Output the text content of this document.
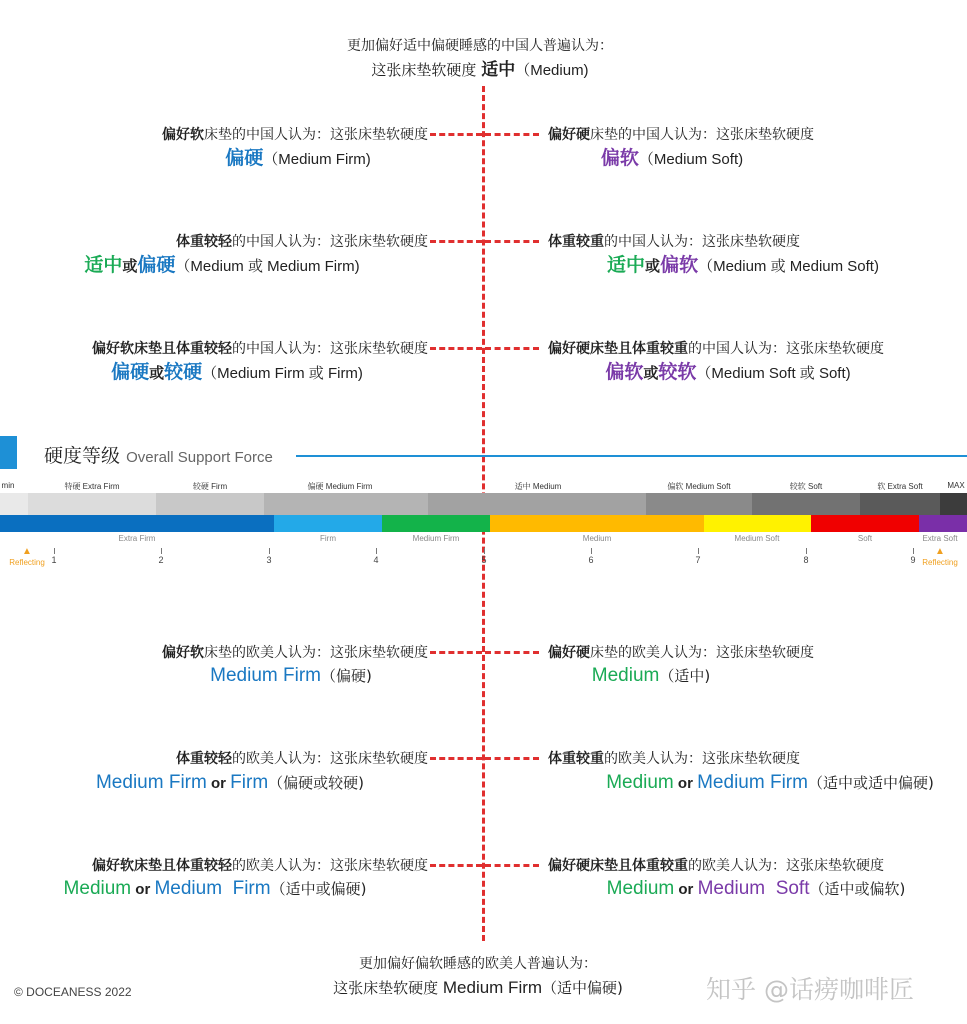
更加偏好适中偏硬睡感的中国人普遍认为：
这张床垫软硬度 适中（Medium)
偏好软床垫的中国人认为：这张床垫软硬度
偏硬（Medium Firm)
偏好硬床垫的中国人认为：这张床垫软硬度
偏软（Medium Soft)
体重较轻的中国人认为：这张床垫软硬度
适中或偏硬（Medium 或 Medium Firm)
体重较重的中国人认为：这张床垫软硬度
适中或偏软（Medium 或 Medium Soft)
偏好软床垫且体重较轻的中国人认为：这张床垫软硬度
偏硬或较硬（Medium Firm 或 Firm)
偏好硬床垫且体重较重的中国人认为：这张床垫软硬度
偏软或较软（Medium Soft 或 Soft)
硬度等级 Overall Support Force
min	特硬 Extra Firm	较硬 Firm	偏硬 Medium Firm	适中 Medium	偏软 Medium Soft	较软 Soft	软 Extra Soft	MAX
Extra Firm	Firm	Medium Firm	Medium	Medium Soft	Soft	Extra Soft
1	2	3	4	5	6	7	8	9
▲
Reflecting
▲
Reflecting
偏好软床垫的欧美人认为：这张床垫软硬度
Medium Firm（偏硬)
偏好硬床垫的欧美人认为：这张床垫软硬度
Medium（适中)
体重较轻的欧美人认为：这张床垫软硬度
Medium Firm or Firm（偏硬或较硬)
体重较重的欧美人认为：这张床垫软硬度
Medium or Medium Firm（适中或适中偏硬)
偏好软床垫且体重较轻的欧美人认为：这张床垫软硬度
Medium or Medium  Firm（适中或偏硬)
偏好硬床垫且体重较重的欧美人认为：这张床垫软硬度
Medium or Medium  Soft（适中或偏软)
更加偏好偏软睡感的欧美人普遍认为：
这张床垫软硬度 Medium Firm（适中偏硬)
© DOCEANESS 2022	知乎 @话痨咖啡匠
